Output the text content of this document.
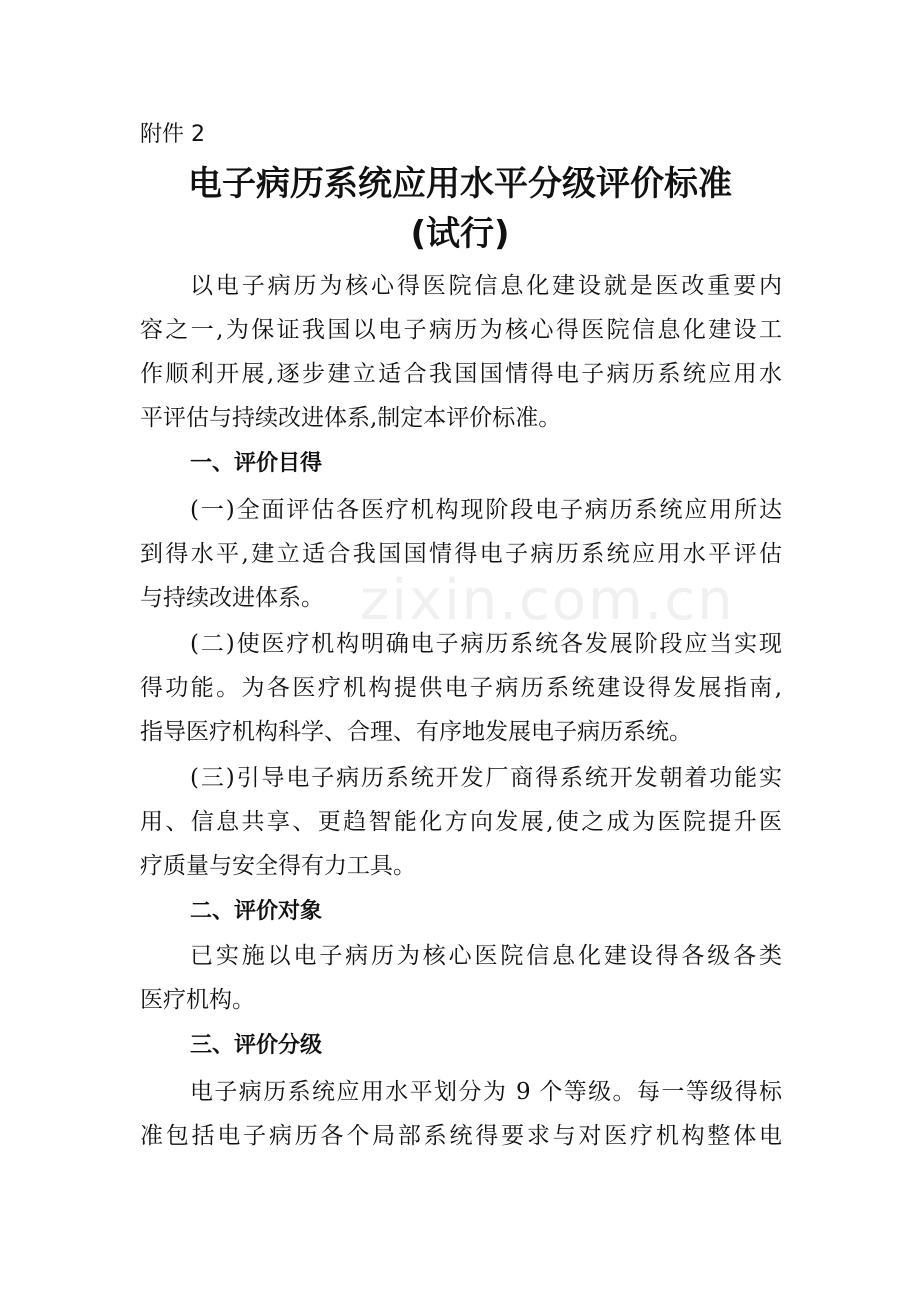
zixin.com.cn
附件 2
电子病历系统应用水平分级评价标准
(试行)
以电子病历为核心得医院信息化建设就是医改重要内
容之一,为保证我国以电子病历为核心得医院信息化建设工
作顺利开展,逐步建立适合我国国情得电子病历系统应用水
平评估与持续改进体系,制定本评价标准。
一、评价目得
(一)全面评估各医疗机构现阶段电子病历系统应用所达
到得水平,建立适合我国国情得电子病历系统应用水平评估
与持续改进体系。
(二)使医疗机构明确电子病历系统各发展阶段应当实现
得功能。为各医疗机构提供电子病历系统建设得发展指南,
指导医疗机构科学、合理、有序地发展电子病历系统。
(三)引导电子病历系统开发厂商得系统开发朝着功能实
用、信息共享、更趋智能化方向发展,使之成为医院提升医
疗质量与安全得有力工具。
二、评价对象
已实施以电子病历为核心医院信息化建设得各级各类
医疗机构。
三、评价分级
电子病历系统应用水平划分为 9 个等级。每一等级得标
准包括电子病历各个局部系统得要求与对医疗机构整体电
